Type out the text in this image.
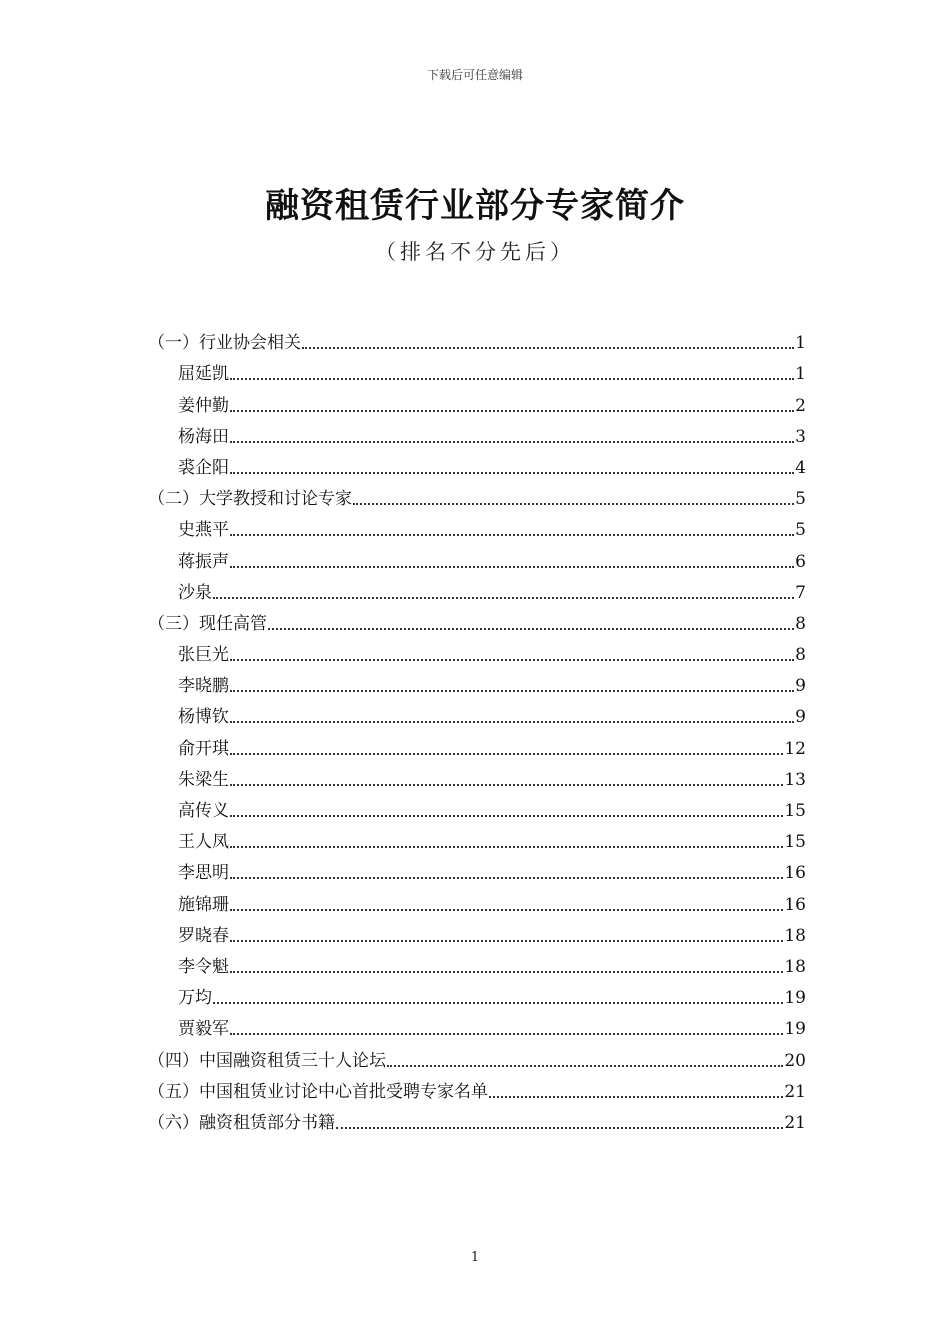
下载后可任意编辑
融资租赁行业部分专家简介
（排名不分先后）
（一）行业协会相关	1
屈延凯	1
姜仲勤	2
杨海田	3
裘企阳	4
（二）大学教授和讨论专家	5
史燕平	5
蒋振声	6
沙泉	7
（三）现任高管	8
张巨光	8
李晓鹏	9
杨博钦	9
俞开琪	12
朱梁生	13
高传义	15
王人凤	15
李思明	16
施锦珊	16
罗晓春	18
李令魁	18
万均	19
贾毅军	19
（四）中国融资租赁三十人论坛	20
（五）中国租赁业讨论中心首批受聘专家名单	21
（六）融资租赁部分书籍	21
1
